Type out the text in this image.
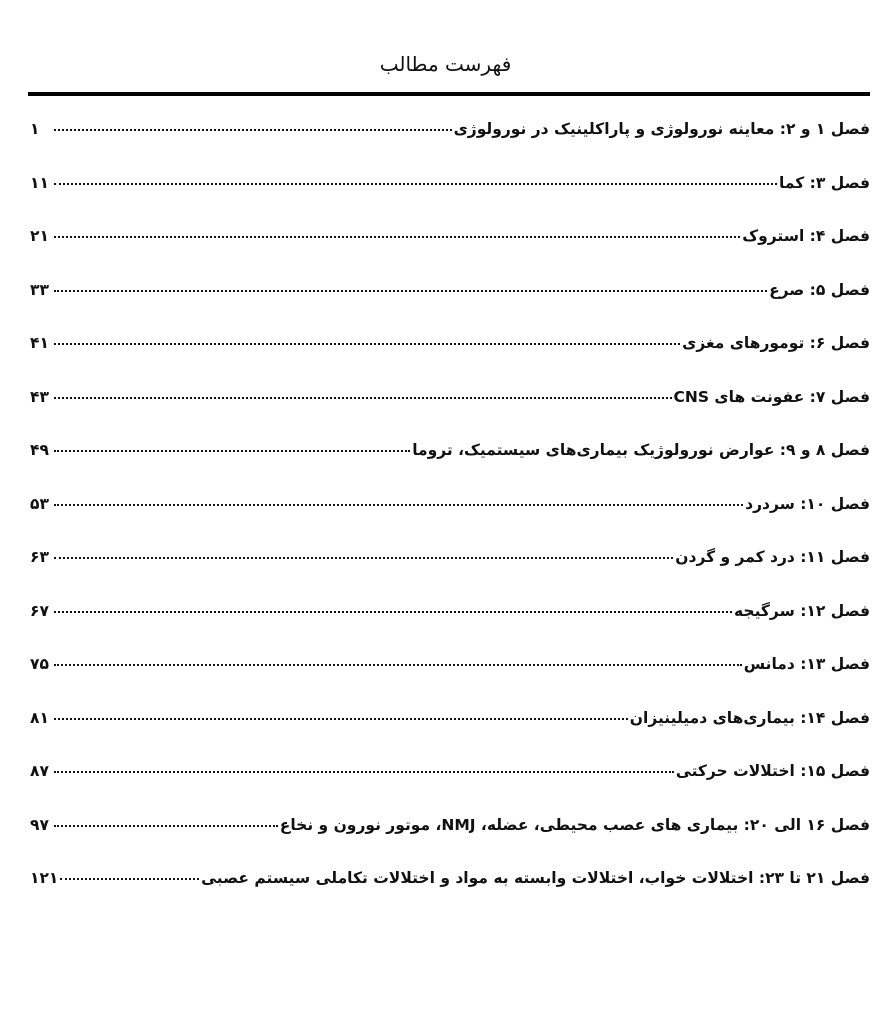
فهرست مطالب
فصل ۱ و ۲: معاینه نورولوژی و پاراکلینیک در نورولوژی
۱
فصل ۳: کما
۱۱
فصل ۴: استروک
۲۱
فصل ۵: صرع
۳۳
فصل ۶: تومورهای مغزی
۴۱
فصل ۷: عفونت های CNS
۴۳
فصل ۸ و ۹: عوارض نورولوژیک بیماری‌های سیستمیک، تروما
۴۹
فصل ۱۰: سردرد
۵۳
فصل ۱۱: درد کمر و گردن
۶۳
فصل ۱۲: سرگیجه
۶۷
فصل ۱۳: دمانس
۷۵
فصل ۱۴: بیماری‌های دمیلینیزان
۸۱
فصل ۱۵: اختلالات حرکتی
۸۷
فصل ۱۶ الی ۲۰: بیماری های عصب محیطی، عضله، NMJ، موتور نورون و نخاع
۹۷
فصل ۲۱ تا ۲۳: اختلالات خواب، اختلالات وابسته به مواد و اختلالات تکاملی سیستم عصبی
۱۲۱
